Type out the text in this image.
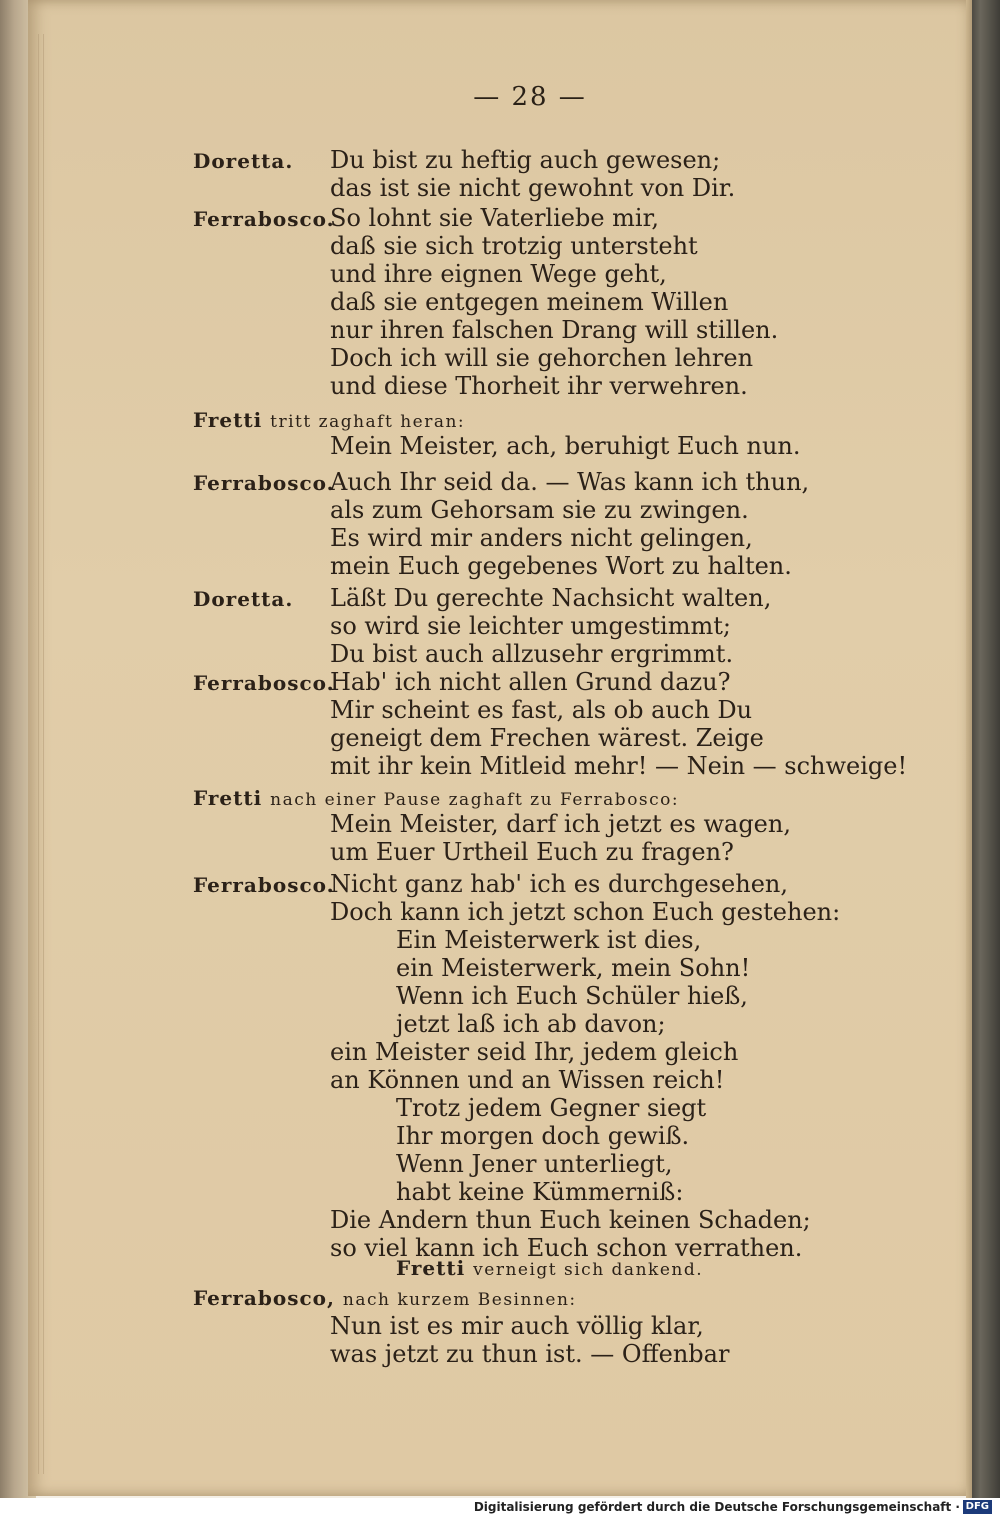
— 28 —
Doretta. Du bist zu heftig auch gewesen;
das ist sie nicht gewohnt von Dir.
Ferrabosco.
So lohnt sie Vaterliebe mir,
daß sie sich trotzig untersteht
und ihre eignen Wege geht,
daß sie entgegen meinem Willen
nur ihren falschen Drang will stillen.
Doch ich will sie gehorchen lehren
und diese Thorheit ihr verwehren.
Fretti tritt zaghaft heran:
Mein Meister, ach, beruhigt Euch nun.
Ferrabosco.
Auch Ihr seid da. — Was kann ich thun,
als zum Gehorsam sie zu zwingen.
Es wird mir anders nicht gelingen,
mein Euch gegebenes Wort zu halten.
Doretta. Läßt Du gerechte Nachsicht walten,
so wird sie leichter umgestimmt;
Du bist auch allzusehr ergrimmt.
Ferrabosco.
Hab' ich nicht allen Grund dazu?
Mir scheint es fast, als ob auch Du
geneigt dem Frechen wärest. Zeige
mit ihr kein Mitleid mehr! — Nein — schweige!
Fretti nach einer Pause zaghaft zu Ferrabosco:
Mein Meister, darf ich jetzt es wagen,
um Euer Urtheil Euch zu fragen?
Ferrabosco.
Nicht ganz hab' ich es durchgesehen,
Doch kann ich jetzt schon Euch gestehen:
Ein Meisterwerk ist dies,
ein Meisterwerk, mein Sohn!
Wenn ich Euch Schüler hieß,
jetzt laß ich ab davon;
ein Meister seid Ihr, jedem gleich
an Können und an Wissen reich!
Trotz jedem Gegner siegt
Ihr morgen doch gewiß.
Wenn Jener unterliegt,
habt keine Kümmerniß:
Die Andern thun Euch keinen Schaden;
so viel kann ich Euch schon verrathen.
Fretti verneigt sich dankend.
Ferrabosco, nach kurzem Besinnen:
Nun ist es mir auch völlig klar,
was jetzt zu thun ist. — Offenbar
Digitalisierung gefördert durch die Deutsche Forschungsgemeinschaft · DFG
